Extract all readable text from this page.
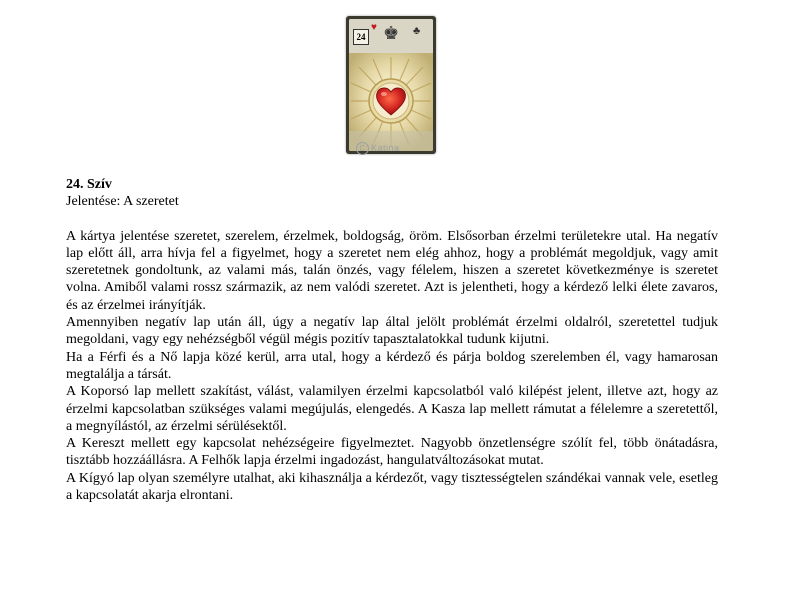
24
♥ ♚ ♣
C Katina

24. Szív

Jelentése: A szeretet

A kártya jelentése szeretet, szerelem, érzelmek, boldogság, öröm. Elsősorban érzelmi területekre utal. Ha negatív lap előtt áll, arra hívja fel a figyelmet, hogy a szeretet nem elég ahhoz, hogy a problémát megoldjuk, vagy amit szeretetnek gondoltunk, az valami más, talán önzés, vagy félelem, hiszen a szeretet következménye is szeretet volna. Amiből valami rossz származik, az nem valódi szeretet. Azt is jelentheti, hogy a kérdező lelki élete zavaros, és az érzelmei irányítják.

Amennyiben negatív lap után áll, úgy a negatív lap által jelölt problémát érzelmi oldalról, szeretettel tudjuk megoldani, vagy egy nehézségből végül mégis pozitív tapasztalatokkal tudunk kijutni.

Ha a Férfi és a Nő lapja közé kerül, arra utal, hogy a kérdező és párja boldog szerelemben él, vagy hamarosan megtalálja a társát.

A Koporsó lap mellett szakítást, válást, valamilyen érzelmi kapcsolatból való kilépést jelent, illetve azt, hogy az érzelmi kapcsolatban szükséges valami megújulás, elengedés. A Kasza lap mellett rámutat a félelemre a szeretettől, a megnyílástól, az érzelmi sérülésektől.

A Kereszt mellett egy kapcsolat nehézségeire figyelmeztet. Nagyobb önzetlenségre szólít fel, több önátadásra, tisztább hozzáállásra. A Felhők lapja érzelmi ingadozást, hangulatváltozásokat mutat.

A Kígyó lap olyan személyre utalhat, aki kihasználja a kérdezőt, vagy tisztességtelen szándékai vannak vele, esetleg a kapcsolatát akarja elrontani.
